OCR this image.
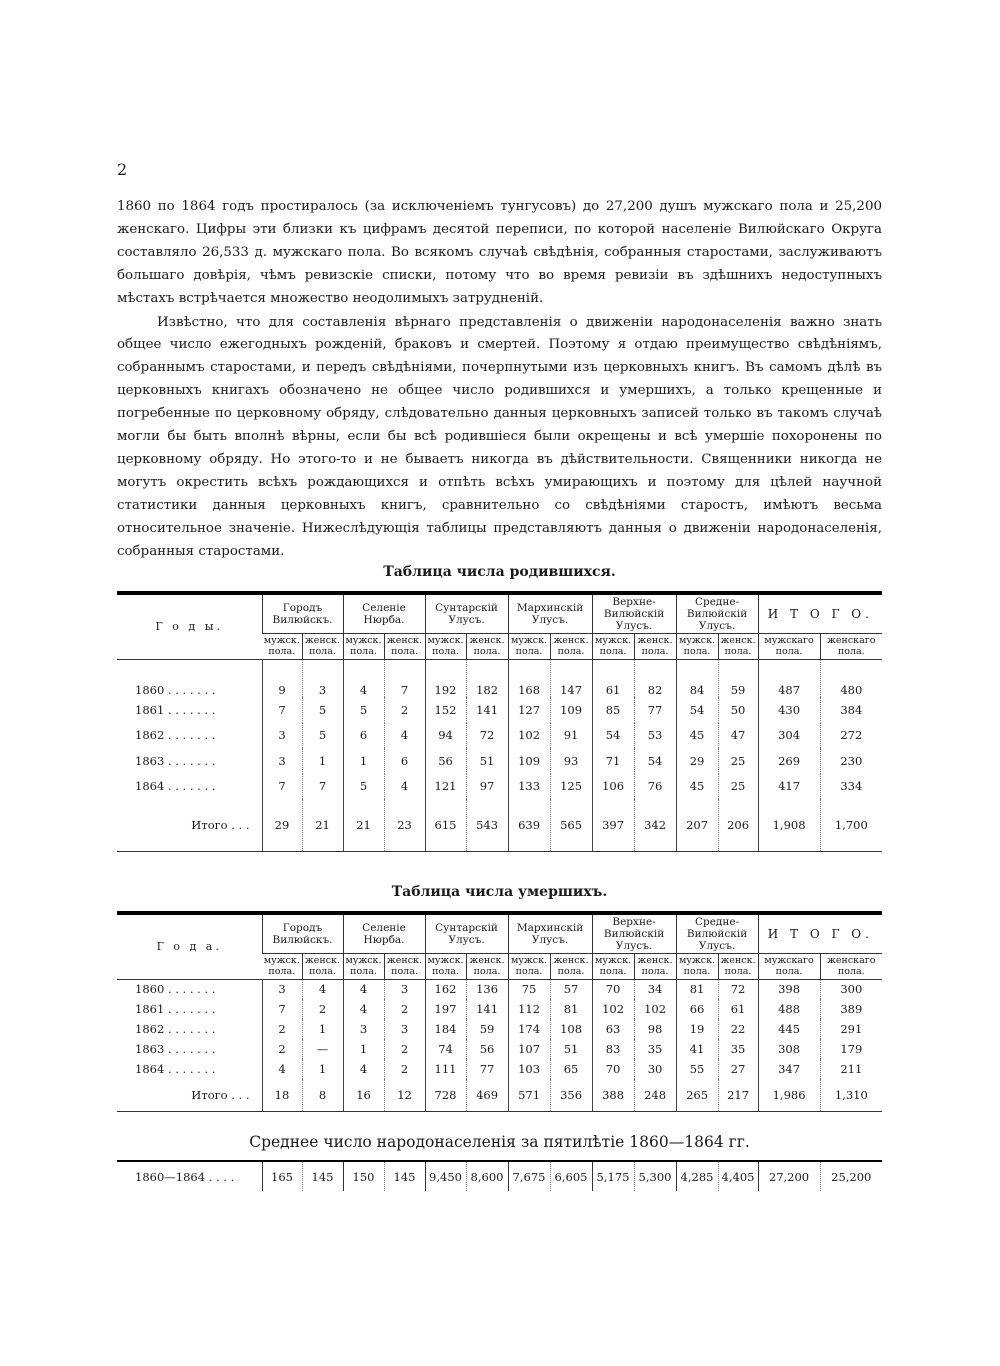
2

1860 по 1864 годъ простиралось (за исключеніемъ тунгусовъ) до 27,200 душъ мужскаго пола и 25,200 женскаго. Цифры эти близки къ цифрамъ десятой переписи, по которой населеніе Вилюйскаго Округа составляло 26,533 д. мужскаго пола. Во всякомъ случаѣ свѣдѣнія, собранныя старостами, заслуживаютъ большаго довѣрія, чѣмъ ревизскіе списки, потому что во время ревизіи въ здѣшнихъ недоступныхъ мѣстахъ встрѣчается множество неодолимыхъ затрудненій.

Извѣстно, что для составленія вѣрнаго представленія о движеніи народонаселенія важно знать общее число ежегодныхъ рожденій, браковъ и смертей. Поэтому я отдаю преимущество свѣдѣніямъ, собраннымъ старостами, и передъ свѣдѣніями, почерпнутыми изъ церковныхъ книгъ. Въ самомъ дѣлѣ въ церковныхъ книгахъ обозначено не общее число родившихся и умершихъ, а только крещенные и погребенные по церковному обряду, слѣдовательно данныя церковныхъ записей только въ такомъ случаѣ могли бы быть вполнѣ вѣрны, если бы всѣ родившіеся были окрещены и всѣ умершіе похоронены по церковному обряду. Но этого-то и не бываетъ никогда въ дѣйствительности. Священники никогда не могутъ окрестить всѣхъ рождающихся и отпѣть всѣхъ умирающихъ и поэтому для цѣлей научной статистики данныя церковныхъ книгъ, сравнительно со свѣдѣніями старостъ, имѣютъ весьма относительное значеніе. Нижеслѣдующія таблицы представляютъ данныя о движеніи народонаселенія, собранныя старостами.

Таблица числа родившихся.
Г о д ы.	Городъ Вилюйскъ.		Селеніе Нюрба.		Сунтарскій Улусъ.		Мархинскій Улусъ.		Верхне-Вилюйскій Улусъ.		Средне-Вилюйскій Улусъ.		И Т О Г О.	
	мужск. пола.	женск. пола.	мужск. пола.	женск. пола.	мужск. пола.	женск. пола.	мужск. пола.	женск. пола.	мужск. пола.	женск. пола.	мужск. пола.	женск. пола.	мужскаго пола.	женскаго пола.
1860 . . . . . . .	9	3	4	7	192	182	168	147	61	82	84	59	487	480
1861 . . . . . . .	7	5	5	2	152	141	127	109	85	77	54	50	430	384
1862 . . . . . . .	3	5	6	4	94	72	102	91	54	53	45	47	304	272
1863 . . . . . . .	3	1	1	6	56	51	109	93	71	54	29	25	269	230
1864 . . . . . . .	7	7	5	4	121	97	133	125	106	76	45	25	417	334
Итого . . .	29	21	21	23	615	543	639	565	397	342	207	206	1,908	1,700
Таблица числа умершихъ.
Г о д а.	Городъ Вилюйскъ.		Селеніе Нюрба.		Сунтарскій Улусъ.		Мархинскій Улусъ.		Верхне-Вилюйскій Улусъ.		Средне-Вилюйскій Улусъ.		И Т О Г О.	
	мужск. пола.	женск. пола.	мужск. пола.	женск. пола.	мужск. пола.	женск. пола.	мужск. пола.	женск. пола.	мужск. пола.	женск. пола.	мужск. пола.	женск. пола.	мужскаго пола.	женскаго пола.
1860 . . . . . . .	3	4	4	3	162	136	75	57	70	34	81	72	398	300
1861 . . . . . . .	7	2	4	2	197	141	112	81	102	102	66	61	488	389
1862 . . . . . . .	2	1	3	3	184	59	174	108	63	98	19	22	445	291
1863 . . . . . . .	2	—	1	2	74	56	107	51	83	35	41	35	308	179
1864 . . . . . . .	4	1	4	2	111	77	103	65	70	30	55	27	347	211
Итого . . .	18	8	16	12	728	469	571	356	388	248	265	217	1,986	1,310
Среднее число народонаселенія за пятилѣтіе 1860—1864 гг.
1860—1864 . . . .	165	145	150	145	9,450	8,600	7,675	6,605	5,175	5,300	4,285	4,405	27,200	25,200
